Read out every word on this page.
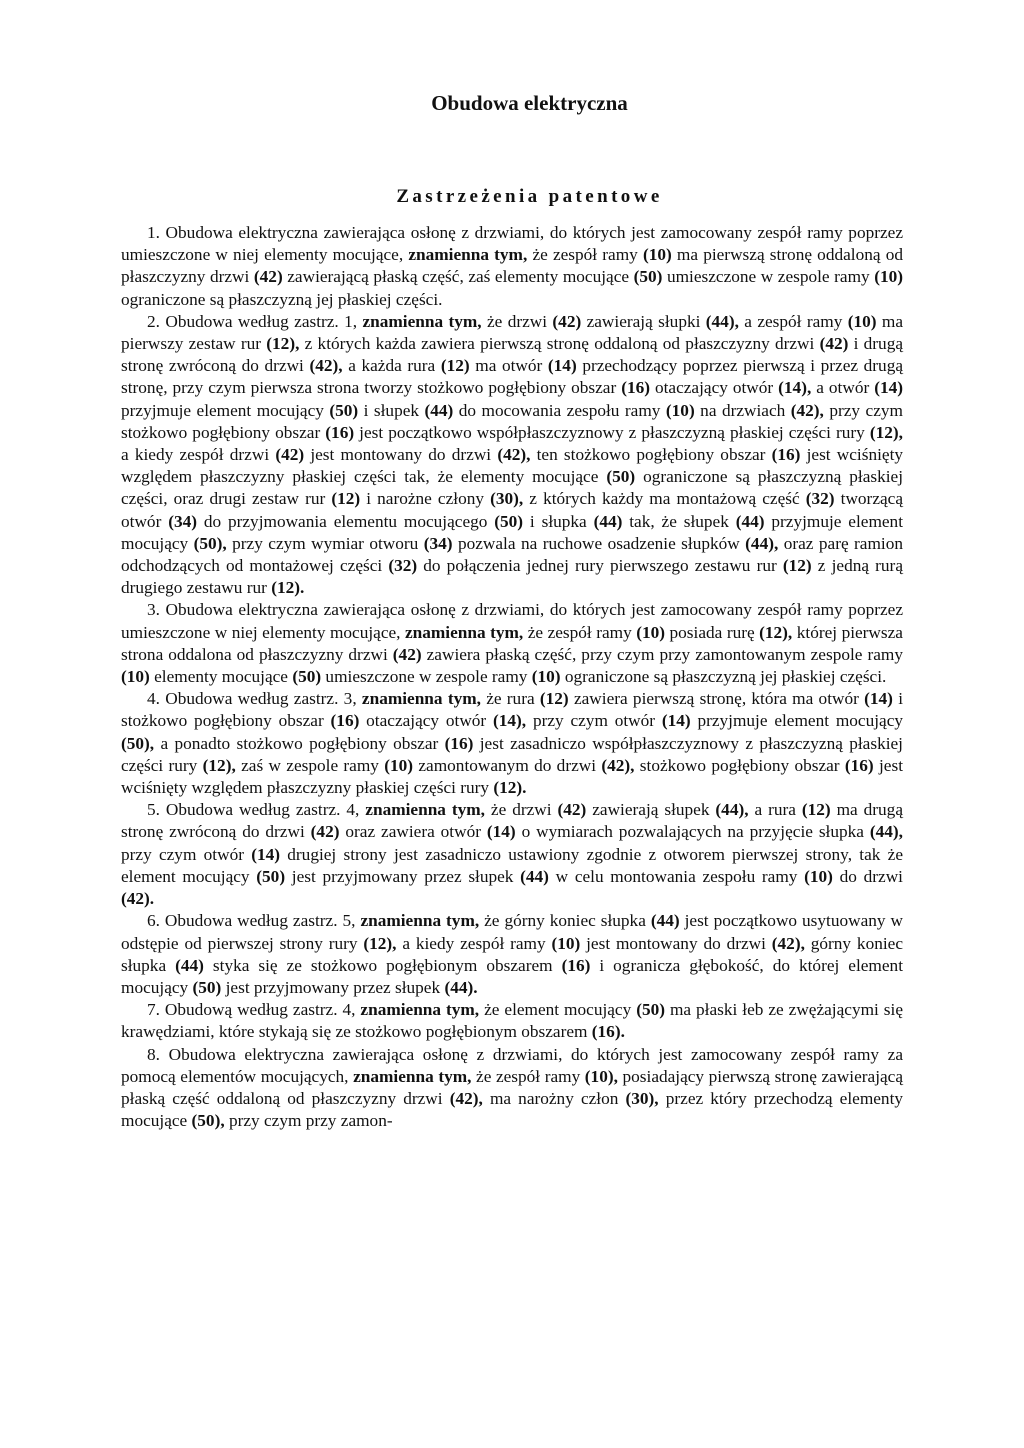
Obudowa elektryczna
Zastrzeżenia patentowe

1. Obudowa elektryczna zawierająca osłonę z drzwiami, do których jest zamocowany zespół ramy poprzez umieszczone w niej elementy mocujące, znamienna tym, że zespół ramy (10) ma pierwszą stronę oddaloną od płaszczyzny drzwi (42) zawierającą płaską część, zaś elementy mocujące (50) umieszczone w zespole ramy (10) ograniczone są płaszczyzną jej płaskiej części.

2. Obudowa według zastrz. 1, znamienna tym, że drzwi (42) zawierają słupki (44), a zespół ramy (10) ma pierwszy zestaw rur (12), z których każda zawiera pierwszą stronę oddaloną od płaszczyzny drzwi (42) i drugą stronę zwróconą do drzwi (42), a każda rura (12) ma otwór (14) przechodzący poprzez pierwszą i przez drugą stronę, przy czym pierwsza strona tworzy stożkowo pogłębiony obszar (16) otaczający otwór (14), a otwór (14) przyjmuje element mocujący (50) i słupek (44) do mocowania zespołu ramy (10) na drzwiach (42), przy czym stożkowo pogłębiony obszar (16) jest początkowo współpłaszczyznowy z płaszczyzną płaskiej części rury (12), a kiedy zespół drzwi (42) jest montowany do drzwi (42), ten stożkowo pogłębiony obszar (16) jest wciśnięty względem płaszczyzny płaskiej części tak, że elementy mocujące (50) ograniczone są płaszczyzną płaskiej części, oraz drugi zestaw rur (12) i narożne człony (30), z których każdy ma montażową część (32) tworzącą otwór (34) do przyjmowania elementu mocującego (50) i słupka (44) tak, że słupek (44) przyjmuje element mocujący (50), przy czym wymiar otworu (34) pozwala na ruchowe osadzenie słupków (44), oraz parę ramion odchodzących od montażowej części (32) do połączenia jednej rury pierwszego zestawu rur (12) z jedną rurą drugiego zestawu rur (12).

3. Obudowa elektryczna zawierająca osłonę z drzwiami, do których jest zamocowany zespół ramy poprzez umieszczone w niej elementy mocujące, znamienna tym, że zespół ramy (10) posiada rurę (12), której pierwsza strona oddalona od płaszczyzny drzwi (42) zawiera płaską część, przy czym przy zamontowanym zespole ramy (10) elementy mocujące (50) umieszczone w zespole ramy (10) ograniczone są płaszczyzną jej płaskiej części.

4. Obudowa według zastrz. 3, znamienna tym, że rura (12) zawiera pierwszą stronę, która ma otwór (14) i stożkowo pogłębiony obszar (16) otaczający otwór (14), przy czym otwór (14) przyjmuje element mocujący (50), a ponadto stożkowo pogłębiony obszar (16) jest zasadniczo współpłaszczyznowy z płaszczyzną płaskiej części rury (12), zaś w zespole ramy (10) zamontowanym do drzwi (42), stożkowo pogłębiony obszar (16) jest wciśnięty względem płaszczyzny płaskiej części rury (12).

5. Obudowa według zastrz. 4, znamienna tym, że drzwi (42) zawierają słupek (44), a rura (12) ma drugą stronę zwróconą do drzwi (42) oraz zawiera otwór (14) o wymiarach pozwalających na przyjęcie słupka (44), przy czym otwór (14) drugiej strony jest zasadniczo ustawiony zgodnie z otworem pierwszej strony, tak że element mocujący (50) jest przyjmowany przez słupek (44) w celu montowania zespołu ramy (10) do drzwi (42).

6. Obudowa według zastrz. 5, znamienna tym, że górny koniec słupka (44) jest początkowo usytuowany w odstępie od pierwszej strony rury (12), a kiedy zespół ramy (10) jest montowany do drzwi (42), górny koniec słupka (44) styka się ze stożkowo pogłębionym obszarem (16) i ogranicza głębokość, do której element mocujący (50) jest przyjmowany przez słupek (44).

7. Obudową według zastrz. 4, znamienna tym, że element mocujący (50) ma płaski łeb ze zwężającymi się krawędziami, które stykają się ze stożkowo pogłębionym obszarem (16).

8. Obudowa elektryczna zawierająca osłonę z drzwiami, do których jest zamocowany zespół ramy za pomocą elementów mocujących, znamienna tym, że zespół ramy (10), posiadający pierwszą stronę zawierającą płaską część oddaloną od płaszczyzny drzwi (42), ma narożny człon (30), przez który przechodzą elementy mocujące (50), przy czym przy zamon-
